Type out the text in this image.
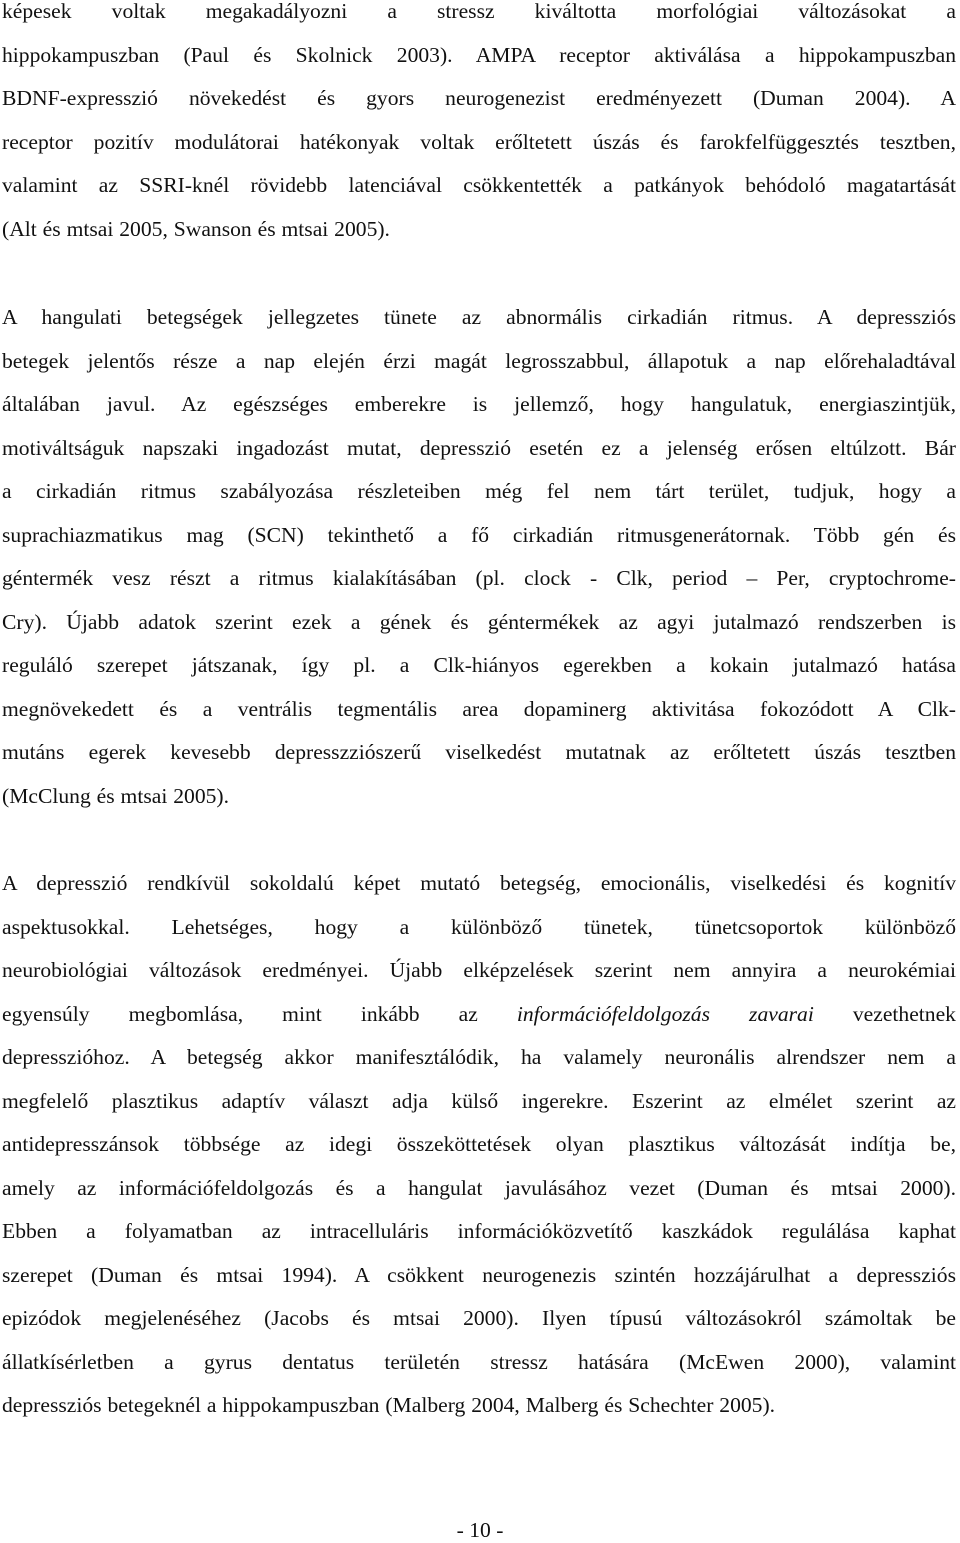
képesek voltak megakadályozni a stressz kiváltotta morfológiai változásokat a
hippokampuszban (Paul és Skolnick 2003). AMPA receptor aktiválása a hippokampuszban
BDNF-expresszió növekedést és gyors neurogenezist eredményezett (Duman 2004). A
receptor pozitív modulátorai hatékonyak voltak erőltetett úszás és farokfelfüggesztés tesztben,
valamint az SSRI-knél rövidebb latenciával csökkentették a patkányok behódoló magatartását
(Alt és mtsai 2005, Swanson és mtsai 2005).

A hangulati betegségek jellegzetes tünete az abnormális cirkadián ritmus. A depressziós
betegek jelentős része a nap elején érzi magát legrosszabbul, állapotuk a nap előrehaladtával
általában javul. Az egészséges emberekre is jellemző, hogy hangulatuk, energiaszintjük,
motiváltságuk napszaki ingadozást mutat, depresszió esetén ez a jelenség erősen eltúlzott. Bár
a cirkadián ritmus szabályozása részleteiben még fel nem tárt terület, tudjuk, hogy a
suprachiazmatikus mag (SCN) tekinthető a fő cirkadián ritmusgenerátornak. Több gén és
géntermék vesz részt a ritmus kialakításában (pl. clock - Clk, period – Per, cryptochrome-
Cry). Újabb adatok szerint ezek a gének és géntermékek az agyi jutalmazó rendszerben is
reguláló szerepet játszanak, így pl. a Clk-hiányos egerekben a kokain jutalmazó hatása
megnövekedett és a ventrális tegmentális area dopaminerg aktivitása fokozódott A Clk-
mutáns egerek kevesebb depresszziószerű viselkedést mutatnak az erőltetett úszás tesztben
(McClung és mtsai 2005).

A depresszió rendkívül sokoldalú képet mutató betegség, emocionális, viselkedési és kognitív
aspektusokkal. Lehetséges, hogy a különböző tünetek, tünetcsoportok különböző
neurobiológiai változások eredményei. Újabb elképzelések szerint nem annyira a neurokémiai
egyensúly megbomlása, mint inkább az információfeldolgozás zavarai vezethetnek
depresszióhoz. A betegség akkor manifesztálódik, ha valamely neuronális alrendszer nem a
megfelelő plasztikus adaptív választ adja külső ingerekre. Eszerint az elmélet szerint az
antidepresszánsok többsége az idegi összeköttetések olyan plasztikus változását indítja be,
amely az információfeldolgozás és a hangulat javulásához vezet (Duman és mtsai 2000).
Ebben a folyamatban az intracelluláris információközvetítő kaszkádok regulálása kaphat
szerepet (Duman és mtsai 1994). A csökkent neurogenezis szintén hozzájárulhat a depressziós
epizódok megjelenéséhez (Jacobs és mtsai 2000). Ilyen típusú változásokról számoltak be
állatkísérletben a gyrus dentatus területén stressz hatására (McEwen 2000), valamint
depressziós betegeknél a hippokampuszban (Malberg 2004, Malberg és Schechter 2005).

- 10 -
